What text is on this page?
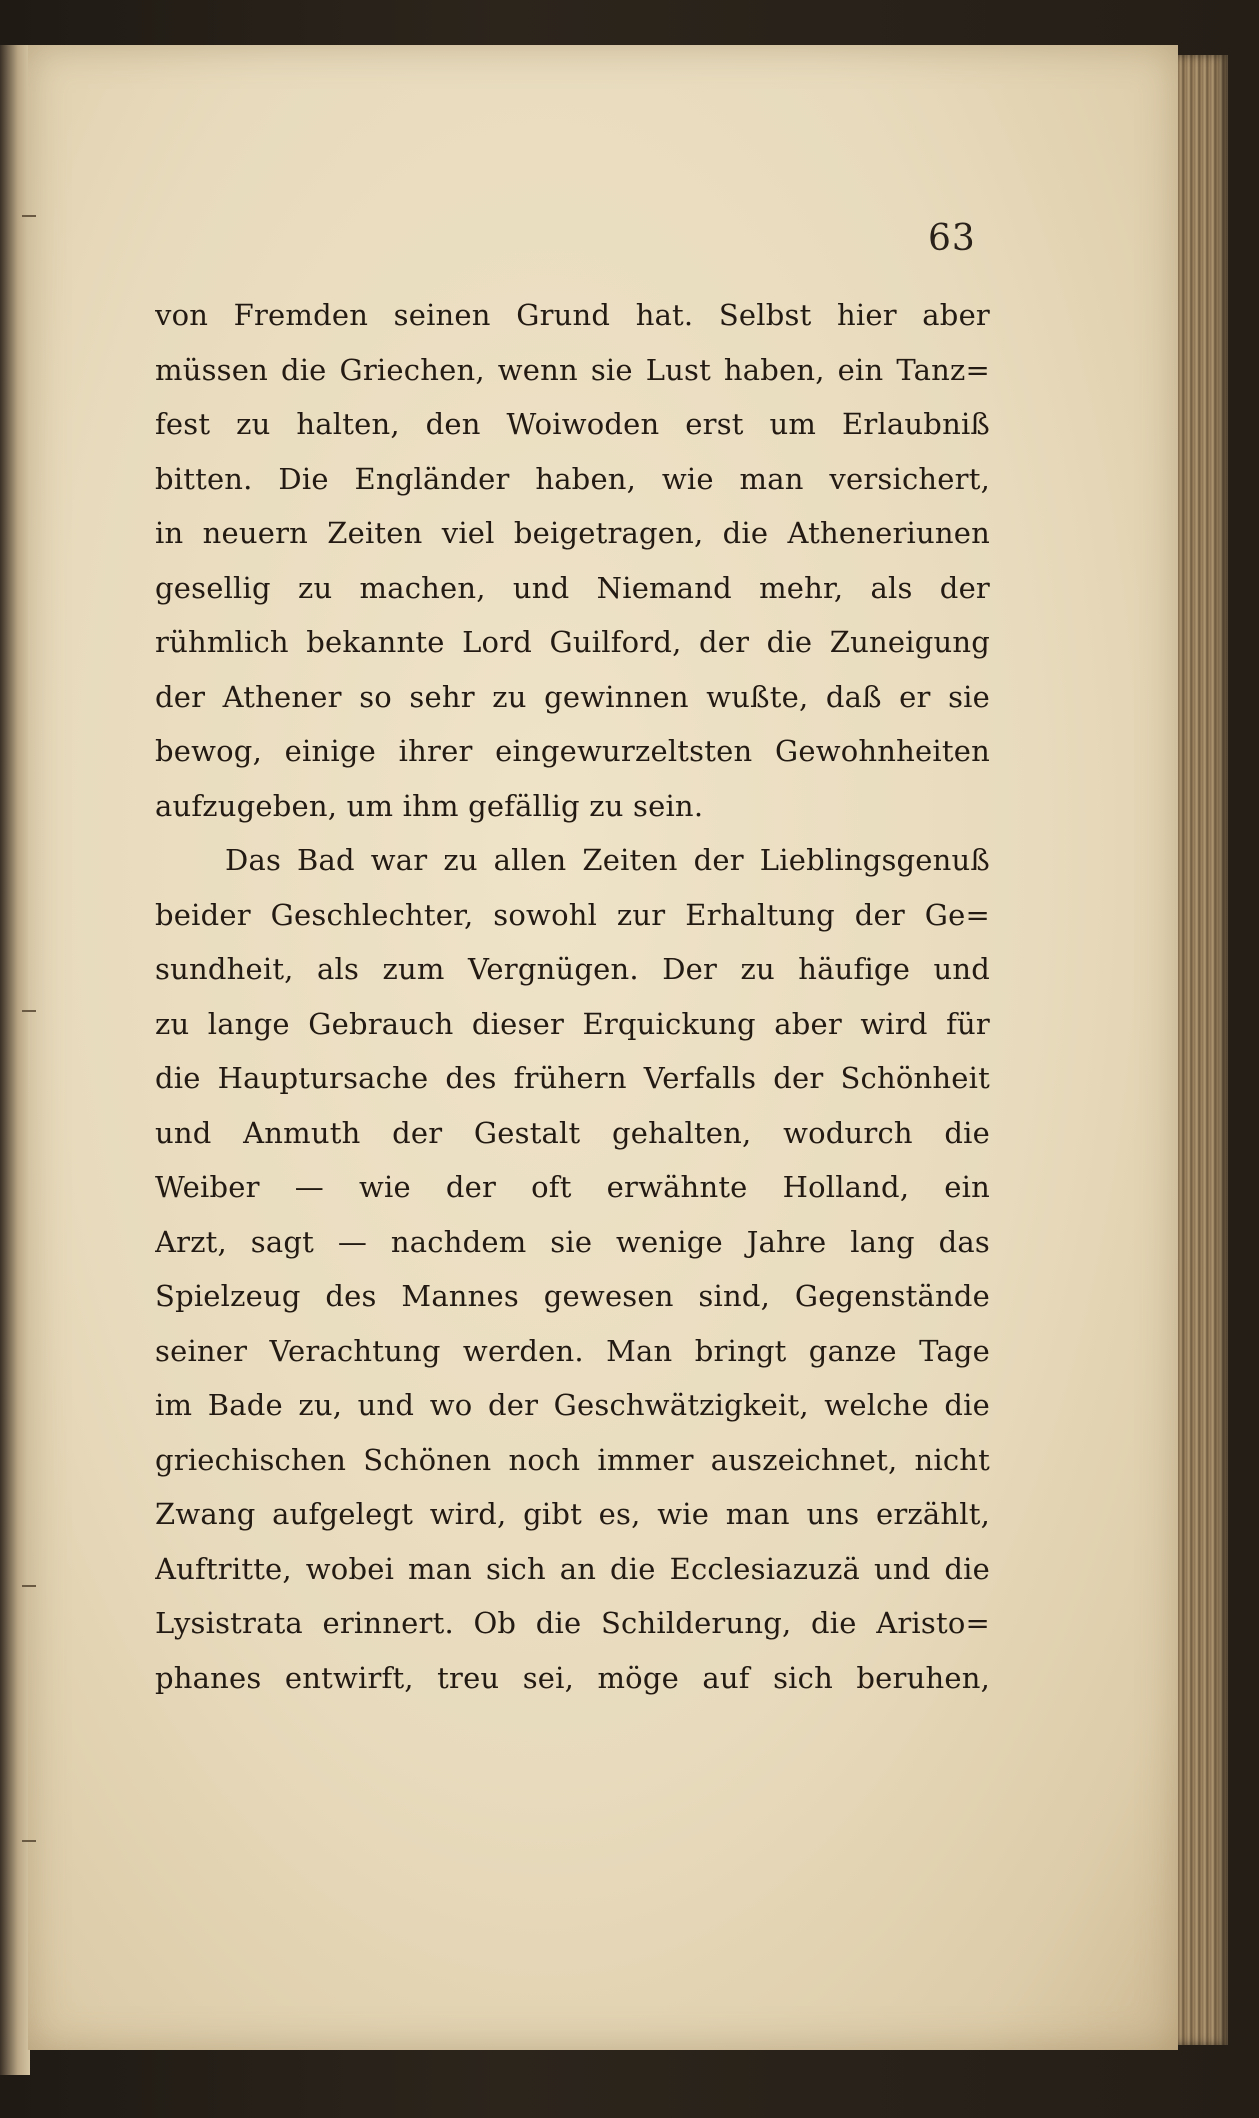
63
von Fremden seinen Grund hat. Selbst hier aber
müssen die Griechen, wenn sie Lust haben, ein Tanz=
fest zu halten, den Woiwoden erst um Erlaubniß
bitten. Die Engländer haben, wie man versichert,
in neuern Zeiten viel beigetragen, die Atheneriunen
gesellig zu machen, und Niemand mehr, als der
rühmlich bekannte Lord Guilford, der die Zuneigung
der Athener so sehr zu gewinnen wußte, daß er sie
bewog, einige ihrer eingewurzeltsten Gewohnheiten
aufzugeben, um ihm gefällig zu sein.
Das Bad war zu allen Zeiten der Lieblingsgenuß
beider Geschlechter, sowohl zur Erhaltung der Ge=
sundheit, als zum Vergnügen. Der zu häufige und
zu lange Gebrauch dieser Erquickung aber wird für
die Hauptursache des frühern Verfalls der Schönheit
und Anmuth der Gestalt gehalten, wodurch die
Weiber — wie der oft erwähnte Holland, ein
Arzt, sagt — nachdem sie wenige Jahre lang das
Spielzeug des Mannes gewesen sind, Gegenstände
seiner Verachtung werden. Man bringt ganze Tage
im Bade zu, und wo der Geschwätzigkeit, welche die
griechischen Schönen noch immer auszeichnet, nicht
Zwang aufgelegt wird, gibt es, wie man uns erzählt,
Auftritte, wobei man sich an die Ecclesiazuzä und die
Lysistrata erinnert. Ob die Schilderung, die Aristo=
phanes entwirft, treu sei, möge auf sich beruhen,
